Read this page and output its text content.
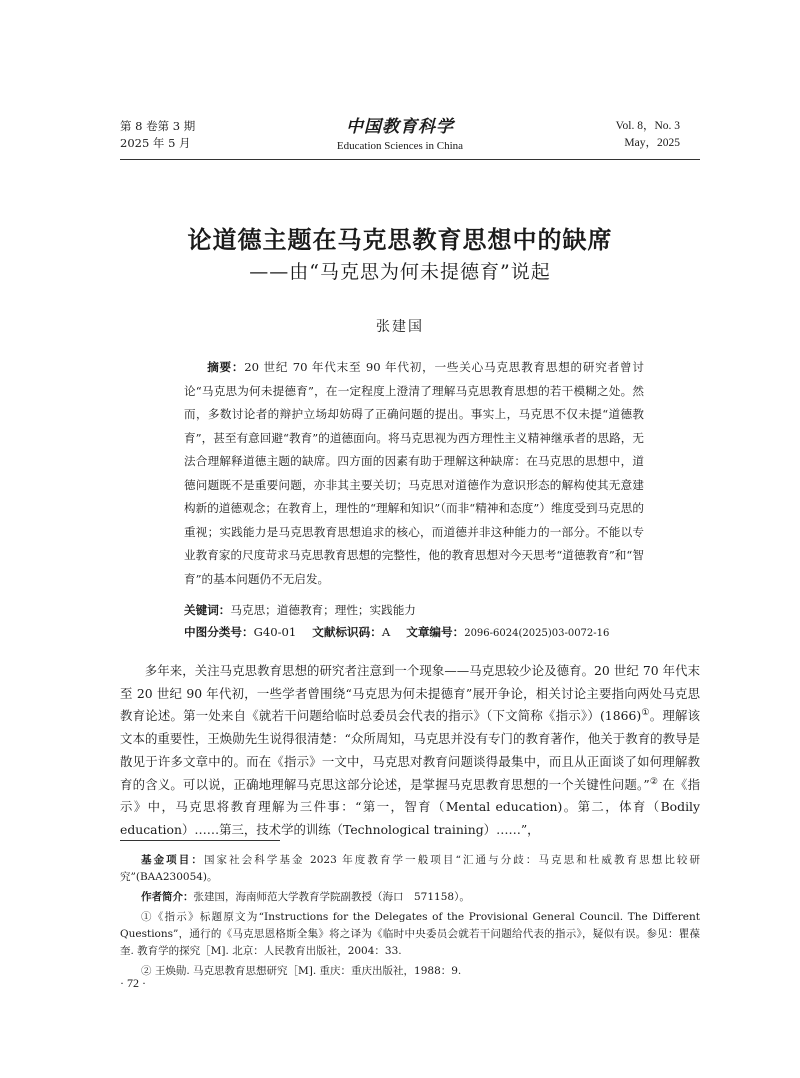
第 8 卷第 3 期
2025 年 5 月
中国教育科学
Education Sciences in China
Vol. 8，No. 3
May，2025
论道德主题在马克思教育思想中的缺席
——由“马克思为何未提德育”说起
张建国
摘要：20 世纪 70 年代末至 90 年代初，一些关心马克思教育思想的研究者曾讨论“马克思为何未提德育”，在一定程度上澄清了理解马克思教育思想的若干模糊之处。然而，多数讨论者的辩护立场却妨碍了正确问题的提出。事实上，马克思不仅未提“道德教育”，甚至有意回避“教育”的道德面向。将马克思视为西方理性主义精神继承者的思路，无法合理解释道德主题的缺席。四方面的因素有助于理解这种缺席：在马克思的思想中，道德问题既不是重要问题，亦非其主要关切；马克思对道德作为意识形态的解构使其无意建构新的道德观念；在教育上，理性的“理解和知识”（而非“精神和态度”）维度受到马克思的重视；实践能力是马克思教育思想追求的核心，而道德并非这种能力的一部分。不能以专业教育家的尺度苛求马克思教育思想的完整性，他的教育思想对今天思考“道德教育”和“智育”的基本问题仍不无启发。
关键词：马克思；道德教育；理性；实践能力
中图分类号：G40-01 文献标识码：A 文章编号：2096-6024(2025)03-0072-16
多年来，关注马克思教育思想的研究者注意到一个现象——马克思较少论及德育。20 世纪 70 年代末至 20 世纪 90 年代初，一些学者曾围绕“马克思为何未提德育”展开争论，相关讨论主要指向两处马克思教育论述。第一处来自《就若干问题给临时总委员会代表的指示》（下文简称《指示》）(1866)①。理解该文本的重要性，王焕勋先生说得很清楚：“众所周知，马克思并没有专门的教育著作，他关于教育的教导是散见于许多文章中的。而在《指示》一文中，马克思对教育问题谈得最集中，而且从正面谈了如何理解教育的含义。可以说，正确地理解马克思这部分论述，是掌握马克思教育思想的一个关键性问题。”② 在《指示》中，马克思将教育理解为三件事：“第一，智育（Mental education)。第二，体育（Bodily education）……第三，技术学的训练（Technological training）……”，

基金项目：国家社会科学基金 2023 年度教育学一般项目“汇通与分歧：马克思和杜威教育思想比较研究”(BAA230054)。

作者简介：张建国，海南师范大学教育学院副教授（海口　571158）。

①《指示》标题原文为“Instructions for the Delegates of the Provisional General Council. The Different Questions”，通行的《马克思恩格斯全集》将之译为《临时中央委员会就若干问题给代表的指示》，疑似有误。参见：瞿葆奎. 教育学的探究［M]. 北京：人民教育出版社，2004：33.

② 王焕勋. 马克思教育思想研究［M]. 重庆：重庆出版社，1988：9.

· 72 ·
